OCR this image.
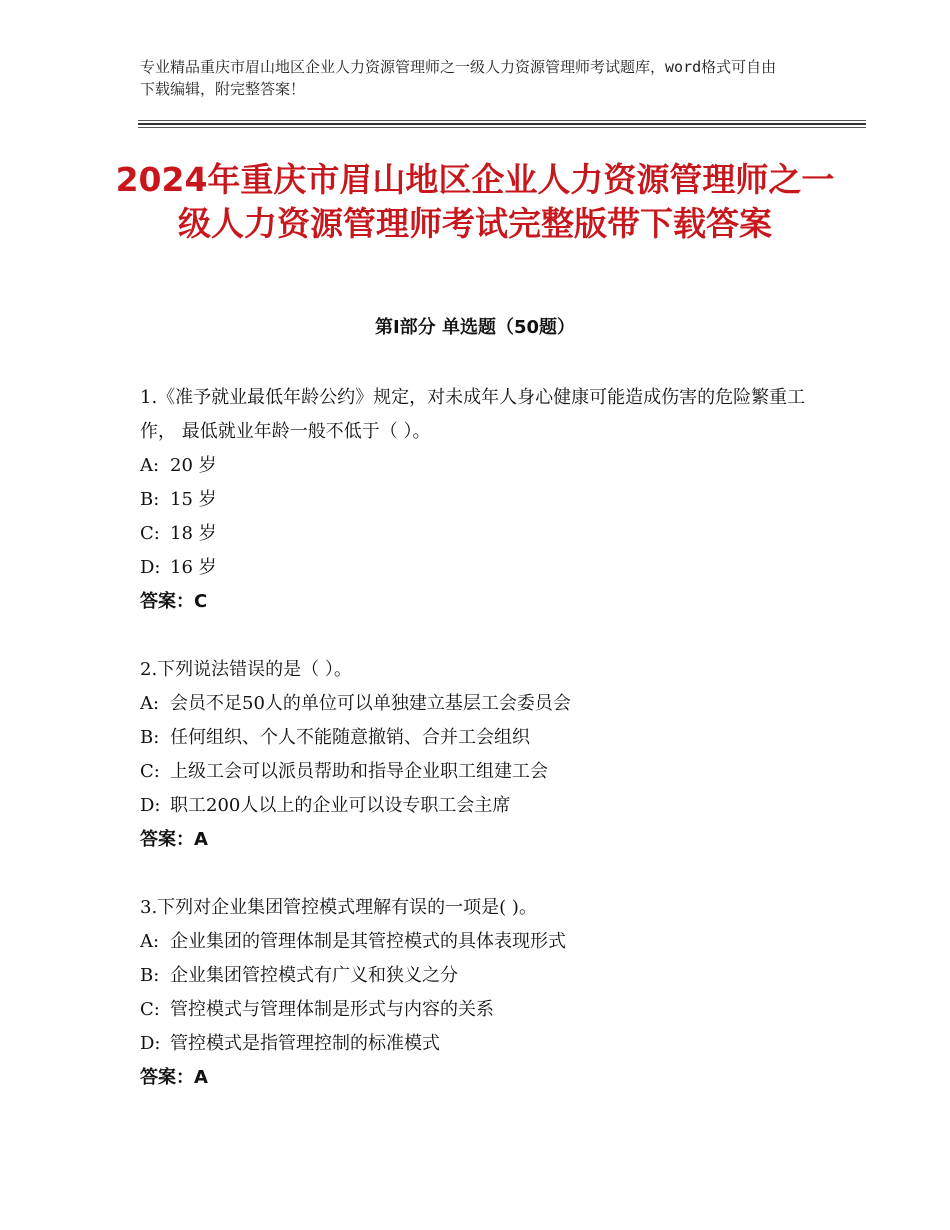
专业精品重庆市眉山地区企业人力资源管理师之一级人力资源管理师考试题库，word格式可自由下载编辑，附完整答案！
2024年重庆市眉山地区企业人力资源管理师之一级人力资源管理师考试完整版带下载答案
第Ⅰ部分 单选题（50题）
1.《准予就业最低年龄公约》规定，对未成年人身心健康可能造成伤害的危险繁重工作， 最低就业年龄一般不低于（ ）。
A: 20 岁
B: 15 岁
C: 18 岁
D: 16 岁
答案：C
2.下列说法错误的是（ ）。
A: 会员不足50人的单位可以单独建立基层工会委员会
B: 任何组织、个人不能随意撤销、合并工会组织
C: 上级工会可以派员帮助和指导企业职工组建工会
D: 职工200人以上的企业可以设专职工会主席
答案：A
3.下列对企业集团管控模式理解有误的一项是( )。
A: 企业集团的管理体制是其管控模式的具体表现形式
B: 企业集团管控模式有广义和狭义之分
C: 管控模式与管理体制是形式与内容的关系
D: 管控模式是指管理控制的标准模式
答案：A
